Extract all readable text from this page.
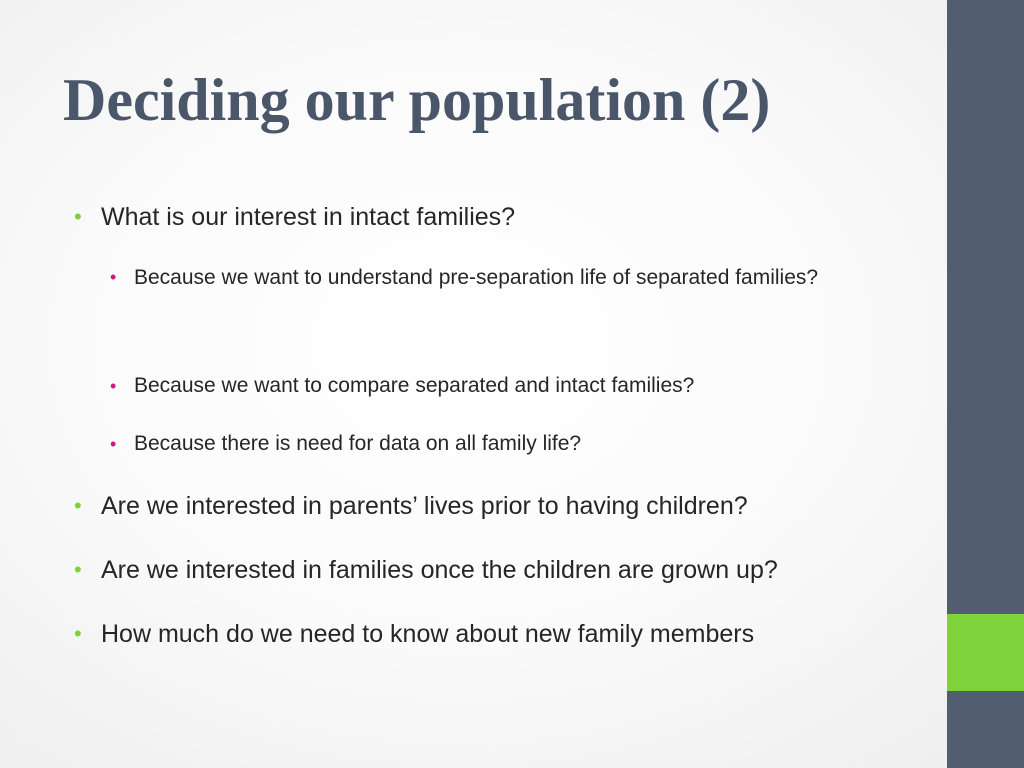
Deciding our population (2)
• What is our interest in intact families?
• Because we want to understand pre-separation life of separated families?
• Because we want to compare separated and intact families?
• Because there is need for data on all family life?
• Are we interested in parents’ lives prior to having children?
• Are we interested in families once the children are grown up?
• How much do we need to know about new family members
